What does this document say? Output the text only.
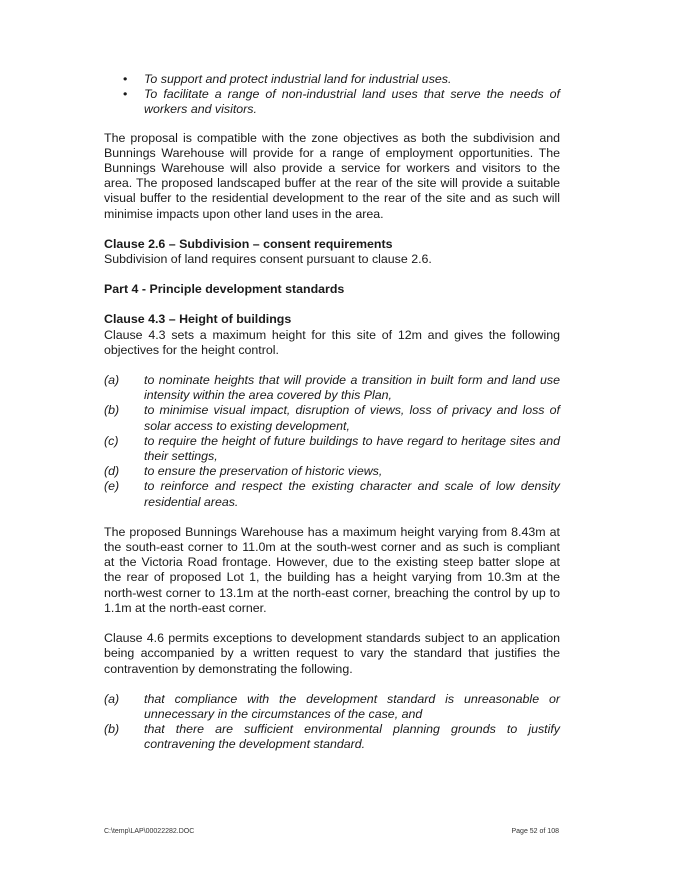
• To support and protect industrial land for industrial uses.
• To facilitate a range of non-industrial land uses that serve the needs of workers and visitors.

The proposal is compatible with the zone objectives as both the subdivision and Bunnings Warehouse will provide for a range of employment opportunities. The Bunnings Warehouse will also provide a service for workers and visitors to the area. The proposed landscaped buffer at the rear of the site will provide a suitable visual buffer to the residential development to the rear of the site and as such will minimise impacts upon other land uses in the area.

Clause 2.6 – Subdivision – consent requirements
Subdivision of land requires consent pursuant to clause 2.6.
Part 4 - Principle development standards
Clause 4.3 – Height of buildings

Clause 4.3 sets a maximum height for this site of 12m and gives the following objectives for the height control.

(a) to nominate heights that will provide a transition in built form and land use intensity within the area covered by this Plan,
(b) to minimise visual impact, disruption of views, loss of privacy and loss of solar access to existing development,
(c) to require the height of future buildings to have regard to heritage sites and their settings,
(d) to ensure the preservation of historic views,
(e) to reinforce and respect the existing character and scale of low density residential areas.

The proposed Bunnings Warehouse has a maximum height varying from 8.43m at the south-east corner to 11.0m at the south-west corner and as such is compliant at the Victoria Road frontage. However, due to the existing steep batter slope at the rear of proposed Lot 1, the building has a height varying from 10.3m at the north-west corner to 13.1m at the north-east corner, breaching the control by up to 1.1m at the north-east corner.

Clause 4.6 permits exceptions to development standards subject to an application being accompanied by a written request to vary the standard that justifies the contravention by demonstrating the following.

(a) that compliance with the development standard is unreasonable or unnecessary in the circumstances of the case, and
(b) that there are sufficient environmental planning grounds to justify contravening the development standard.
C:\temp\LAP\00022282.DOC	Page 52 of 108
